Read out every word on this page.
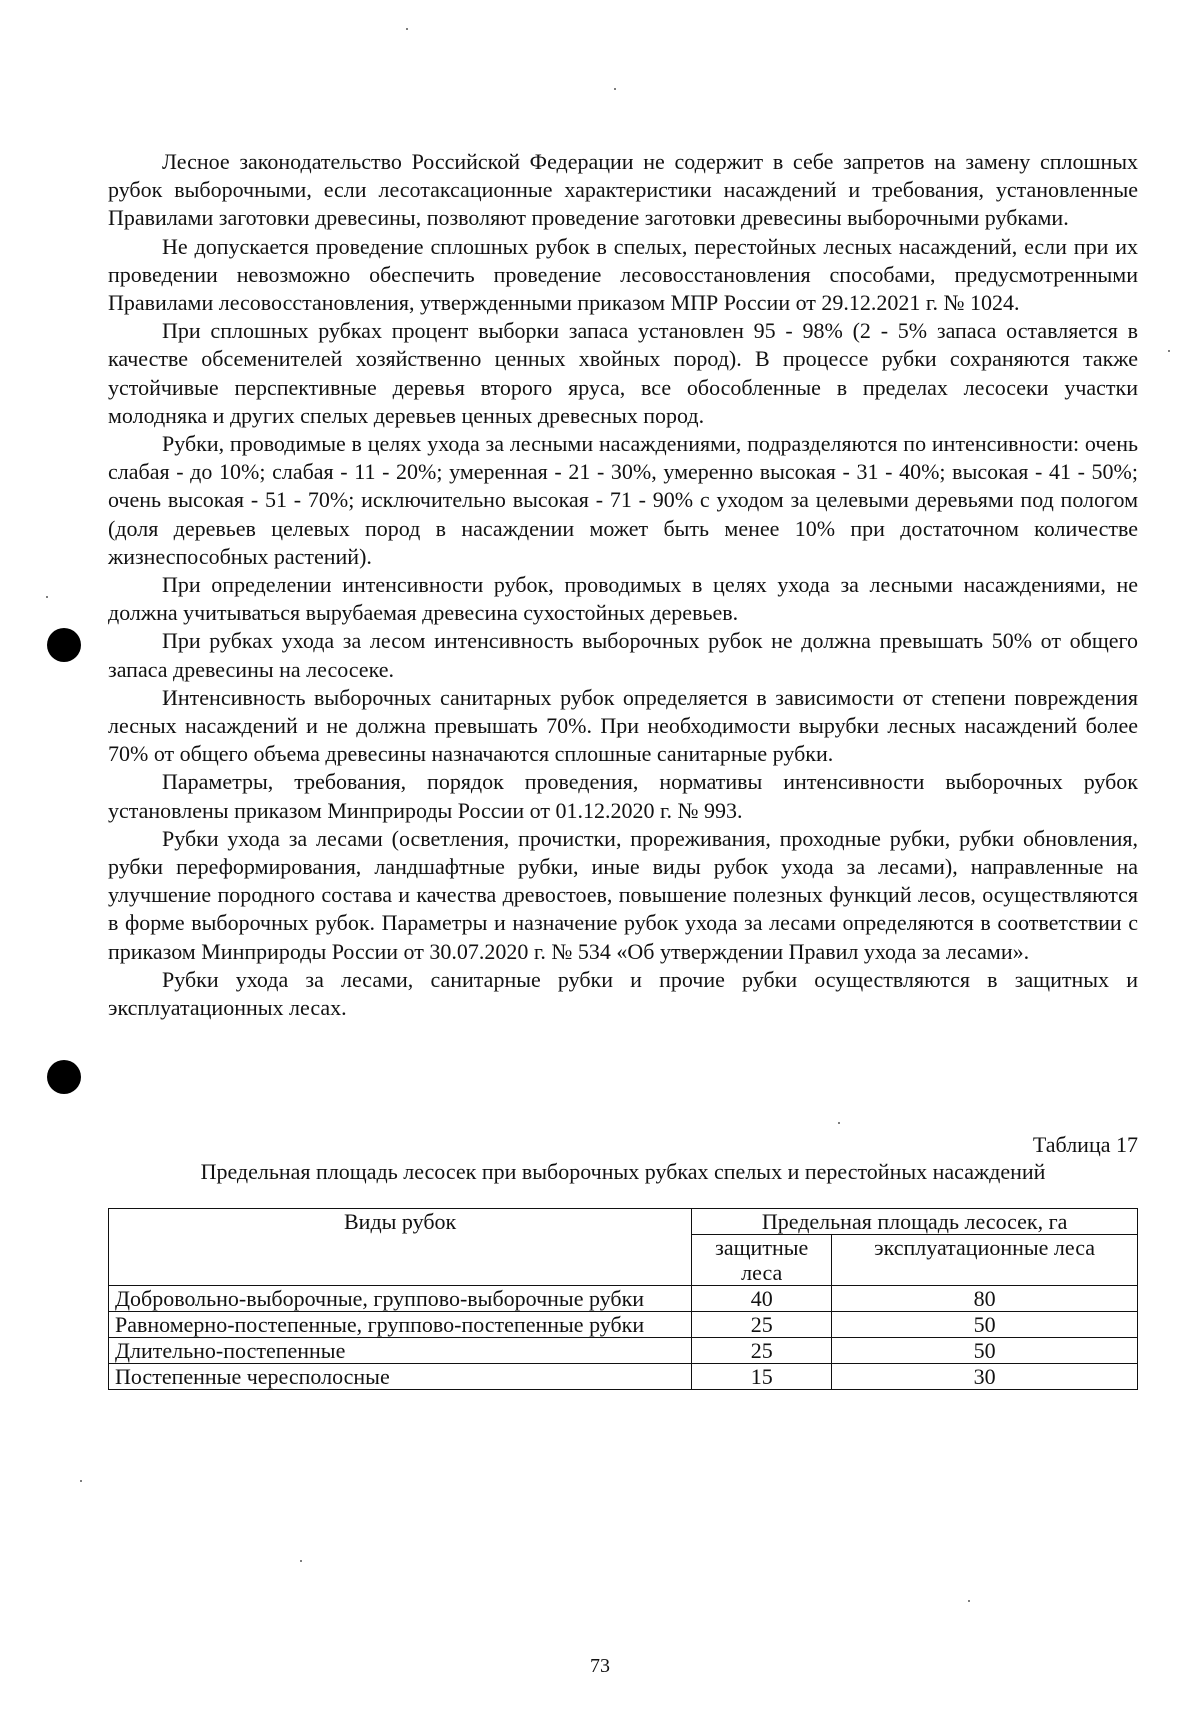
Лесное законодательство Российской Федерации не содержит в себе запретов на замену сплошных рубок выборочными, если лесотаксационные характеристики насаждений и требования, установленные Правилами заготовки древесины, позволяют проведение заготовки древесины выборочными рубками.

Не допускается проведение сплошных рубок в спелых, перестойных лесных насаждений, если при их проведении невозможно обеспечить проведение лесовосстановления способами, предусмотренными Правилами лесовосстановления, утвержденными приказом МПР России от 29.12.2021 г. № 1024.

При сплошных рубках процент выборки запаса установлен 95 - 98% (2 - 5% запаса оставляется в качестве обсеменителей хозяйственно ценных хвойных пород). В процессе рубки сохраняются также устойчивые перспективные деревья второго яруса, все обособленные в пределах лесосеки участки молодняка и других спелых деревьев ценных древесных пород.

Рубки, проводимые в целях ухода за лесными насаждениями, подразделяются по интенсивности: очень слабая - до 10%; слабая - 11 - 20%; умеренная - 21 - 30%, умеренно высокая - 31 - 40%; высокая - 41 - 50%; очень высокая - 51 - 70%; исключительно высокая - 71 - 90% с уходом за целевыми деревьями под пологом (доля деревьев целевых пород в насаждении может быть менее 10% при достаточном количестве жизнеспособных растений).

При определении интенсивности рубок, проводимых в целях ухода за лесными насаждениями, не должна учитываться вырубаемая древесина сухостойных деревьев.

При рубках ухода за лесом интенсивность выборочных рубок не должна превышать 50% от общего запаса древесины на лесосеке.

Интенсивность выборочных санитарных рубок определяется в зависимости от степени повреждения лесных насаждений и не должна превышать 70%. При необходимости вырубки лесных насаждений более 70% от общего объема древесины назначаются сплошные санитарные рубки.

Параметры, требования, порядок проведения, нормативы интенсивности выборочных рубок установлены приказом Минприроды России от 01.12.2020 г. № 993.

Рубки ухода за лесами (осветления, прочистки, прореживания, проходные рубки, рубки обновления, рубки переформирования, ландшафтные рубки, иные виды рубок ухода за лесами), направленные на улучшение породного состава и качества древостоев, повышение полезных функций лесов, осуществляются в форме выборочных рубок. Параметры и назначение рубок ухода за лесами определяются в соответствии с приказом Минприроды России от 30.07.2020 г. № 534 «Об утверждении Правил ухода за лесами».

Рубки ухода за лесами, санитарные рубки и прочие рубки осуществляются в защитных и эксплуатационных лесах.

Таблица 17
Предельная площадь лесосек при выборочных рубках спелых и перестойных насаждений
Виды рубок	Предельная площадь лесосек, га	
	защитные леса	эксплуатационные леса
Добровольно-выборочные, группово-выборочные рубки	40	80
Равномерно-постепенные, группово-постепенные рубки	25	50
Длительно-постепенные	25	50
Постепенные чересполосные	15	30
73
